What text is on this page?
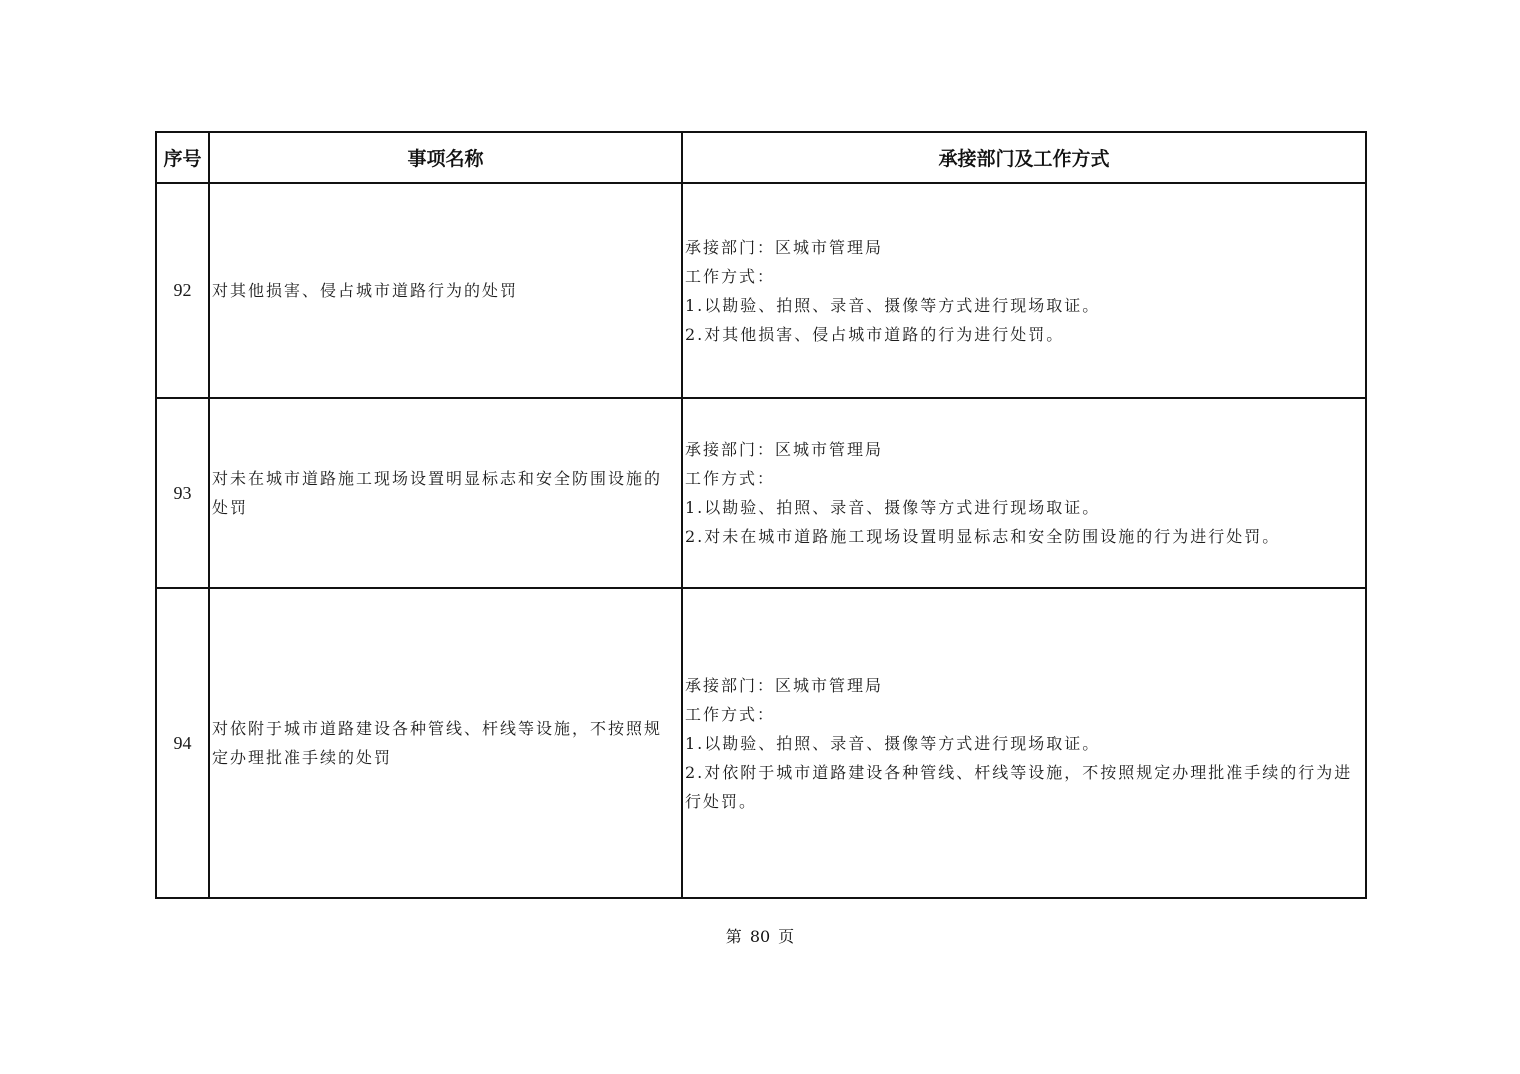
序号	事项名称	承接部门及工作方式
92	对其他损害、侵占城市道路行为的处罚	承接部门：区城市管理局
工作方式：
1.以勘验、拍照、录音、摄像等方式进行现场取证。
2.对其他损害、侵占城市道路的行为进行处罚。

93	对未在城市道路施工现场设置明显标志和安全防围设施的处罚	承接部门：区城市管理局
工作方式：
1.以勘验、拍照、录音、摄像等方式进行现场取证。
2.对未在城市道路施工现场设置明显标志和安全防围设施的行为进行处罚。

94	对依附于城市道路建设各种管线、杆线等设施，不按照规定办理批准手续的处罚	承接部门：区城市管理局
工作方式：
1.以勘验、拍照、录音、摄像等方式进行现场取证。
2.对依附于城市道路建设各种管线、杆线等设施，不按照规定办理批准手续的行为进行处罚。
第 80 页
